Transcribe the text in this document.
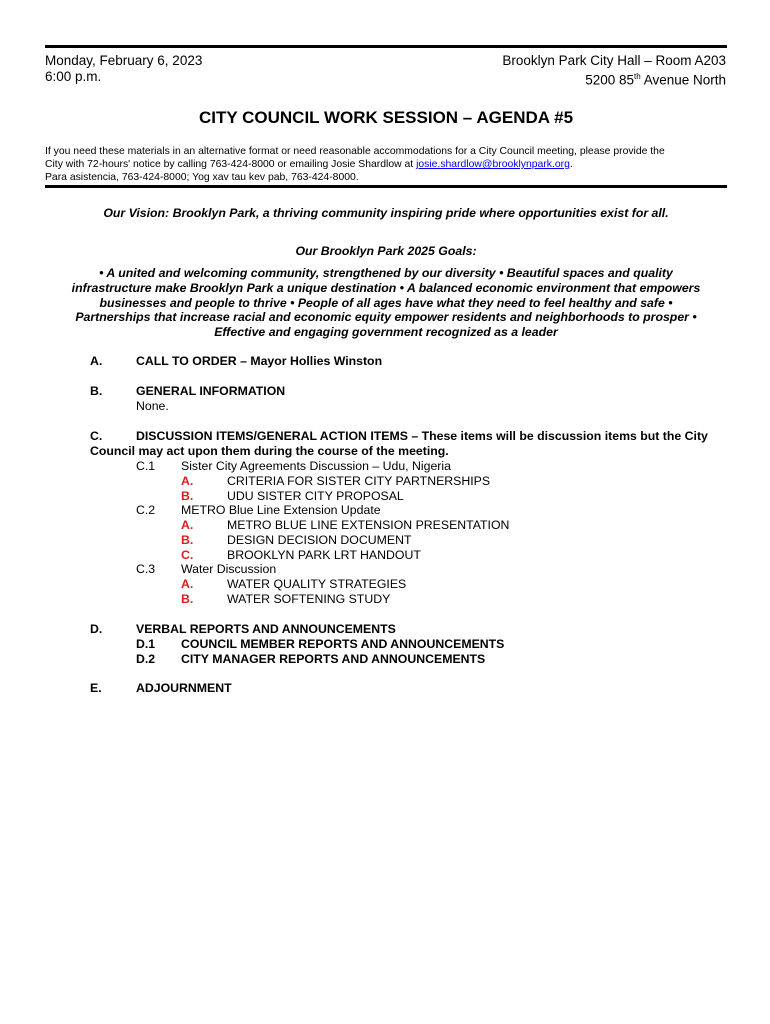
Monday, February 6, 2023
6:00 p.m.
Brooklyn Park City Hall – Room A203
5200 85th Avenue North
CITY COUNCIL WORK SESSION – AGENDA #5
If you need these materials in an alternative format or need reasonable accommodations for a City Council meeting, please provide the
City with 72-hours' notice by calling 763-424-8000 or emailing Josie Shardlow at josie.shardlow@brooklynpark.org.
Para asistencia, 763-424-8000; Yog xav tau kev pab, 763-424-8000.
Our Vision: Brooklyn Park, a thriving community inspiring pride where opportunities exist for all.
Our Brooklyn Park 2025 Goals:
• A united and welcoming community, strengthened by our diversity • Beautiful spaces and quality
infrastructure make Brooklyn Park a unique destination • A balanced economic environment that empowers
businesses and people to thrive • People of all ages have what they need to feel healthy and safe •
Partnerships that increase racial and economic equity empower residents and neighborhoods to prosper •
Effective and engaging government recognized as a leader
A.	CALL TO ORDER – Mayor Hollies Winston
B.	GENERAL INFORMATION
None.
C.	DISCUSSION ITEMS/GENERAL ACTION ITEMS – These items will be discussion items but the City
Council may act upon them during the course of the meeting.
C.1 Sister City Agreements Discussion – Udu, Nigeria
A.	CRITERIA FOR SISTER CITY PARTNERSHIPS
B.	UDU SISTER CITY PROPOSAL
C.2 METRO Blue Line Extension Update
A.	METRO BLUE LINE EXTENSION PRESENTATION
B.	DESIGN DECISION DOCUMENT
C.	BROOKLYN PARK LRT HANDOUT
C.3 Water Discussion
A.	WATER QUALITY STRATEGIES
B.	WATER SOFTENING STUDY
D.	VERBAL REPORTS AND ANNOUNCEMENTS
D.1 COUNCIL MEMBER REPORTS AND ANNOUNCEMENTS
D.2 CITY MANAGER REPORTS AND ANNOUNCEMENTS
E.	ADJOURNMENT
